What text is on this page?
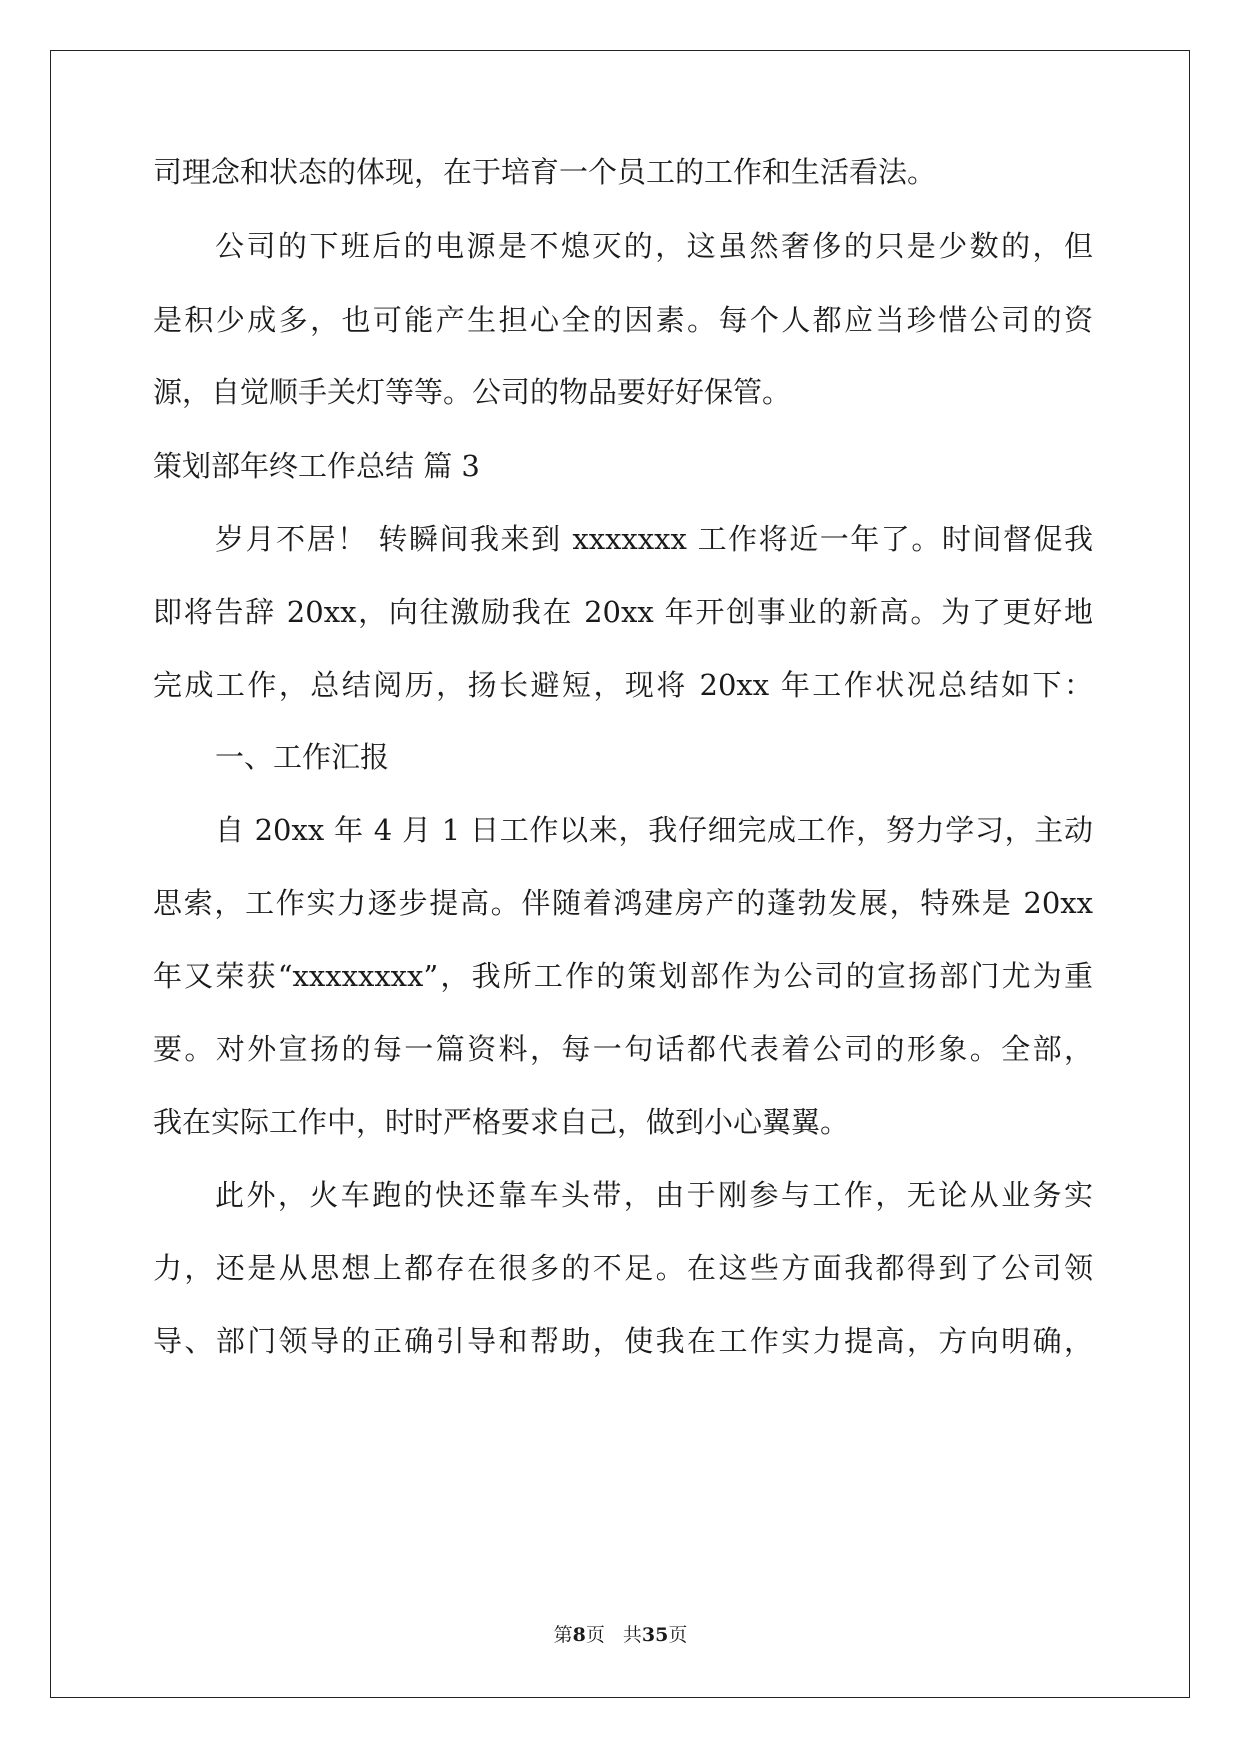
司理念和状态的体现，在于培育一个员工的工作和生活看法。
公司的下班后的电源是不熄灭的，这虽然奢侈的只是少数的，但
是积少成多，也可能产生担心全的因素。每个人都应当珍惜公司的资
源，自觉顺手关灯等等。公司的物品要好好保管。
策划部年终工作总结 篇 3
岁月不居！ 转瞬间我来到 xxxxxxx 工作将近一年了。时间督促我
即将告辞 20xx，向往激励我在 20xx 年开创事业的新高。为了更好地
完成工作，总结阅历，扬长避短，现将 20xx 年工作状况总结如下：
一、工作汇报
自 20xx 年 4 月 1 日工作以来，我仔细完成工作，努力学习，主动
思索，工作实力逐步提高。伴随着鸿建房产的蓬勃发展，特殊是 20xx
年又荣获“xxxxxxxx”，我所工作的策划部作为公司的宣扬部门尤为重
要。对外宣扬的每一篇资料，每一句话都代表着公司的形象。全部，
我在实际工作中，时时严格要求自己，做到小心翼翼。
此外，火车跑的快还靠车头带，由于刚参与工作，无论从业务实
力，还是从思想上都存在很多的不足。在这些方面我都得到了公司领
导、部门领导的正确引导和帮助，使我在工作实力提高，方向明确，
第8页 共35页
